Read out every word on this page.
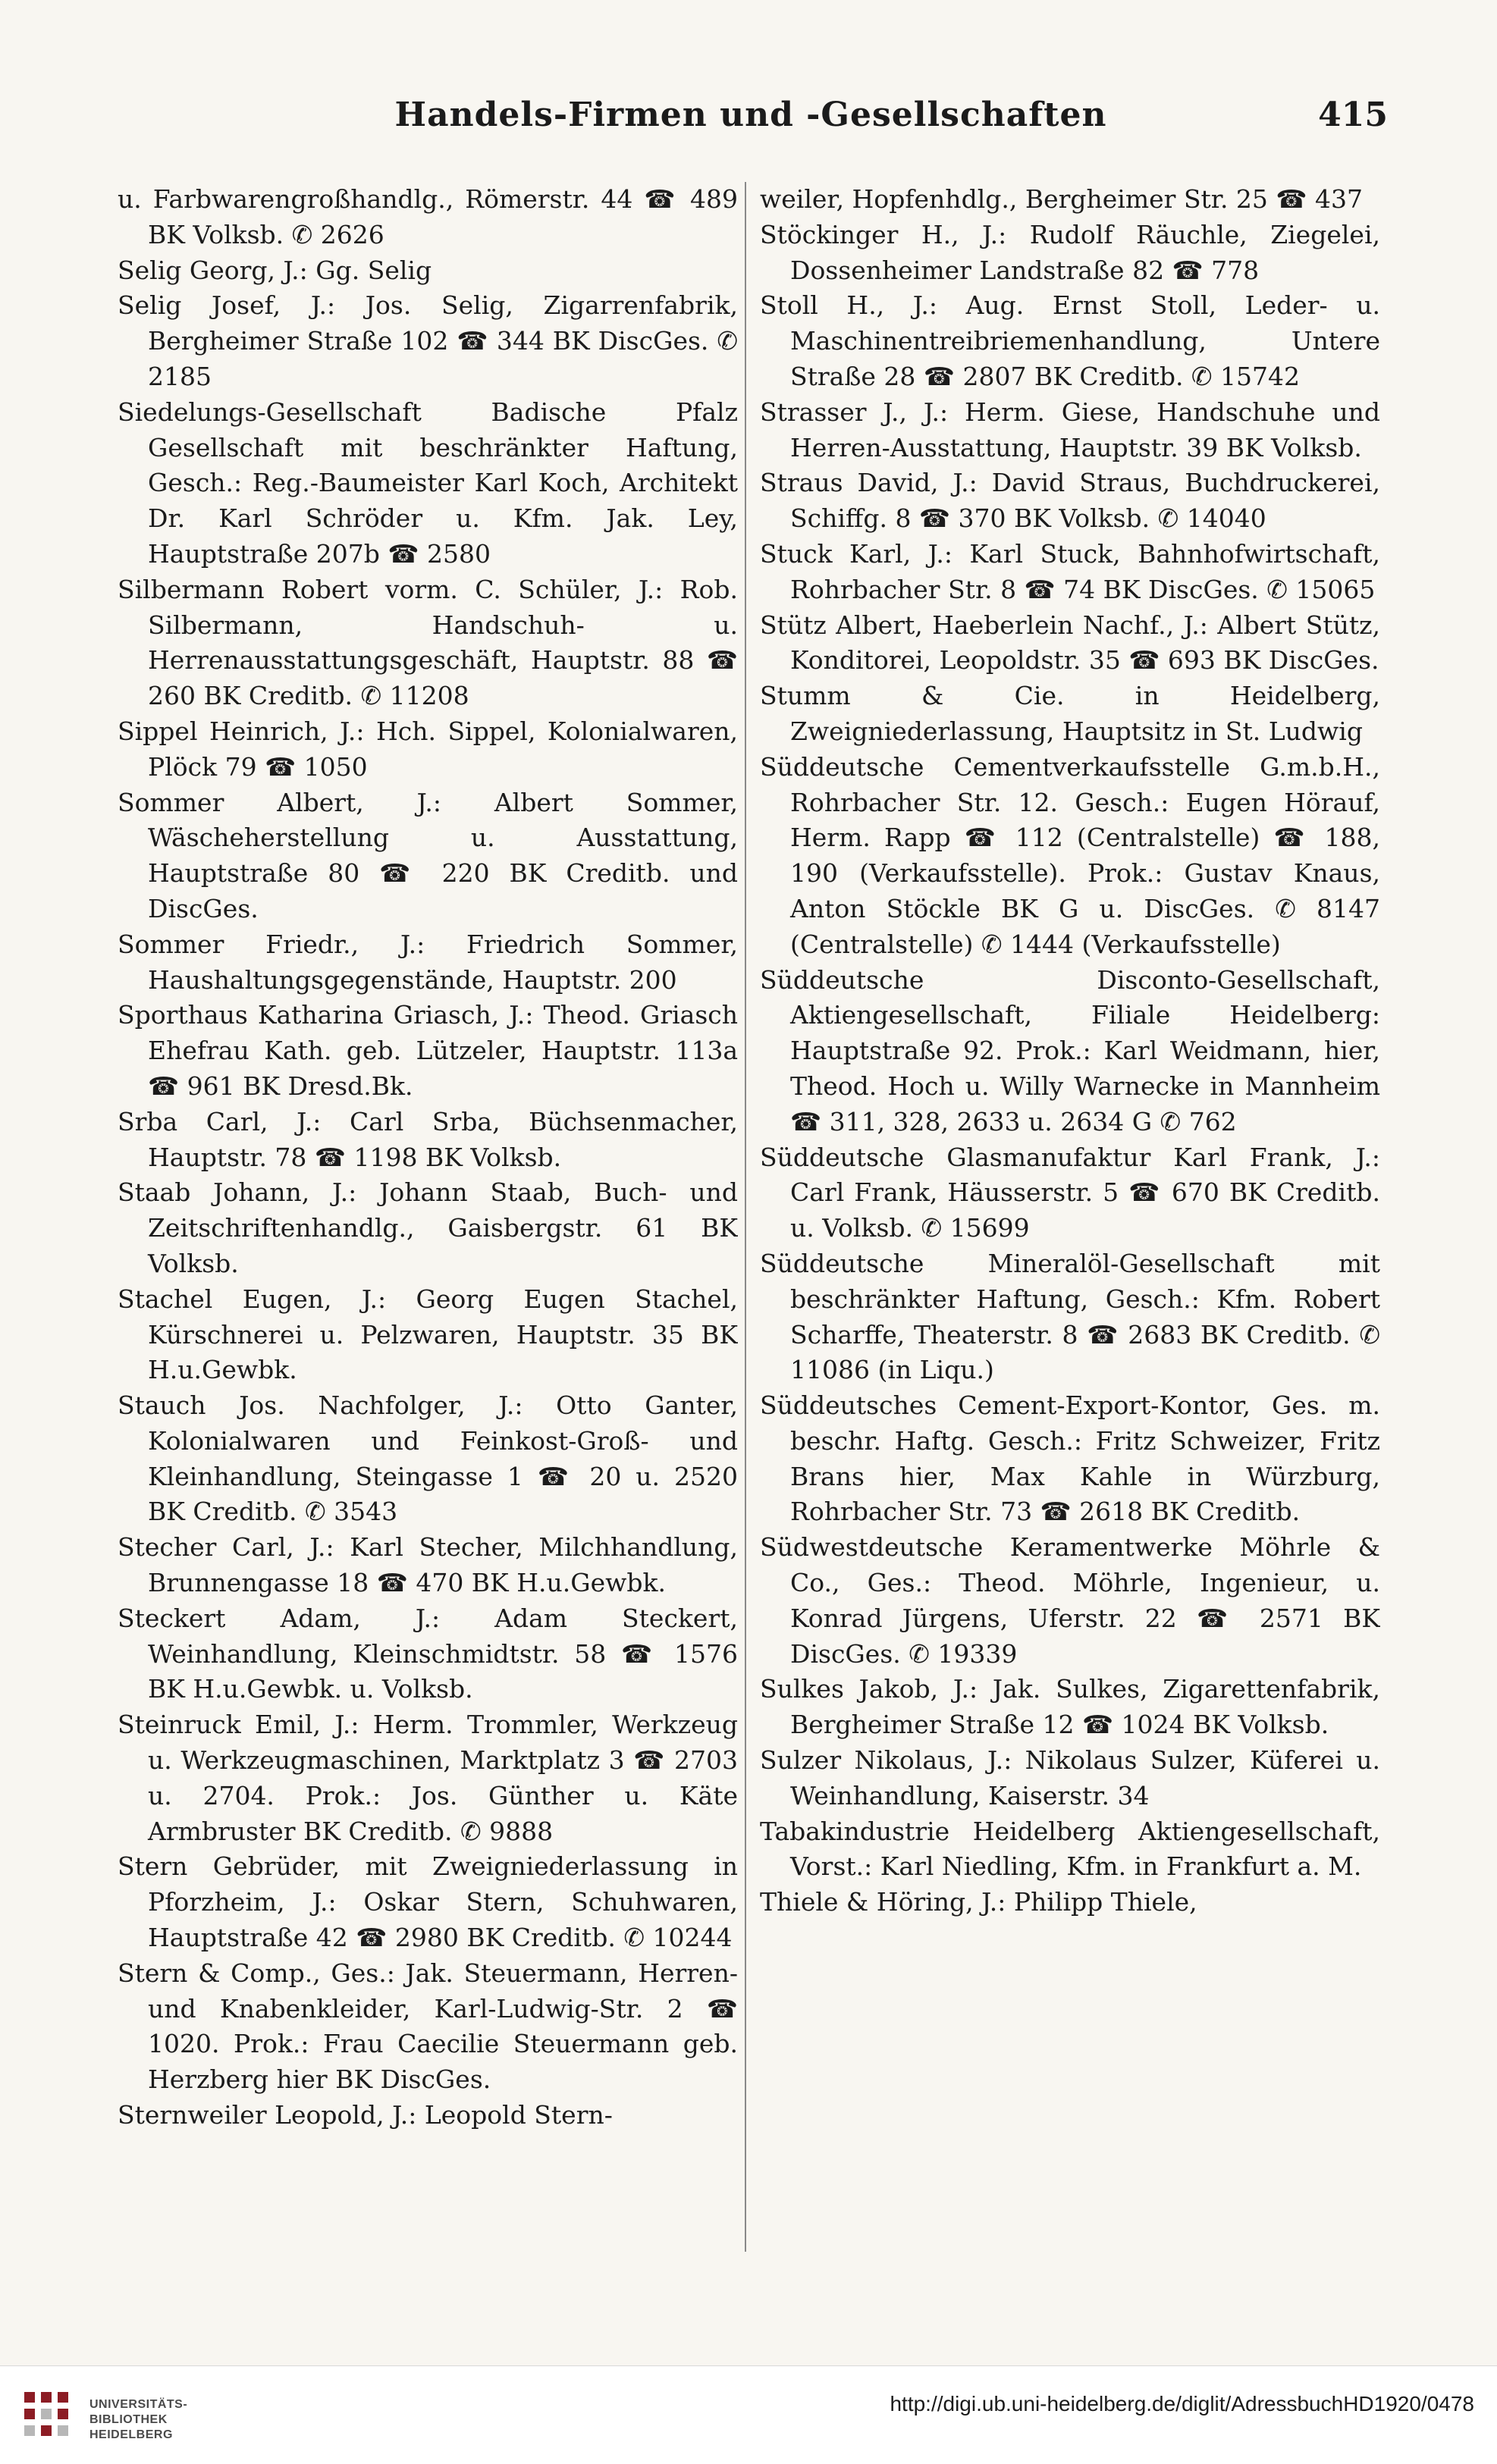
Handels-Firmen und -Gesellschaften	415

u. Farbwarengroßhandlg., Römerstr. 44 ☎ 489 BK Volksb. ✆ 2626

Selig Georg, J.: Gg. Selig

Selig Josef, J.: Jos. Selig, Zigarrenfabrik, Bergheimer Straße 102 ☎ 344 BK DiscGes. ✆ 2185

Siedelungs-Gesellschaft Badische Pfalz Gesellschaft mit beschränkter Haftung, Gesch.: Reg.-Baumeister Karl Koch, Architekt Dr. Karl Schröder u. Kfm. Jak. Ley, Hauptstraße 207b ☎ 2580

Silbermann Robert vorm. C. Schüler, J.: Rob. Silbermann, Handschuh- u. Herrenausstattungsgeschäft, Hauptstr. 88 ☎ 260 BK Creditb. ✆ 11208

Sippel Heinrich, J.: Hch. Sippel, Kolonialwaren, Plöck 79 ☎ 1050

Sommer Albert, J.: Albert Sommer, Wäscheherstellung u. Ausstattung, Hauptstraße 80 ☎ 220 BK Creditb. und DiscGes.

Sommer Friedr., J.: Friedrich Sommer, Haushaltungsgegenstände, Hauptstr. 200

Sporthaus Katharina Griasch, J.: Theod. Griasch Ehefrau Kath. geb. Lützeler, Hauptstr. 113a ☎ 961 BK Dresd.Bk.

Srba Carl, J.: Carl Srba, Büchsenmacher, Hauptstr. 78 ☎ 1198 BK Volksb.

Staab Johann, J.: Johann Staab, Buch- und Zeitschriftenhandlg., Gaisbergstr. 61 BK Volksb.

Stachel Eugen, J.: Georg Eugen Stachel, Kürschnerei u. Pelzwaren, Hauptstr. 35 BK H.u.Gewbk.

Stauch Jos. Nachfolger, J.: Otto Ganter, Kolonialwaren und Feinkost-Groß- und Kleinhandlung, Steingasse 1 ☎ 20 u. 2520 BK Creditb. ✆ 3543

Stecher Carl, J.: Karl Stecher, Milchhandlung, Brunnengasse 18 ☎ 470 BK H.u.Gewbk.

Steckert Adam, J.: Adam Steckert, Weinhandlung, Kleinschmidtstr. 58 ☎ 1576 BK H.u.Gewbk. u. Volksb.

Steinruck Emil, J.: Herm. Trommler, Werkzeug u. Werkzeugmaschinen, Marktplatz 3 ☎ 2703 u. 2704. Prok.: Jos. Günther u. Käte Armbruster BK Creditb. ✆ 9888

Stern Gebrüder, mit Zweigniederlassung in Pforzheim, J.: Oskar Stern, Schuhwaren, Hauptstraße 42 ☎ 2980 BK Creditb. ✆ 10244

Stern & Comp., Ges.: Jak. Steuermann, Herren- und Knabenkleider, Karl-Ludwig-Str. 2 ☎ 1020. Prok.: Frau Caecilie Steuermann geb. Herzberg hier BK DiscGes.

Sternweiler Leopold, J.: Leopold Stern-

weiler, Hopfenhdlg., Bergheimer Str. 25 ☎ 437

Stöckinger H., J.: Rudolf Räuchle, Ziegelei, Dossenheimer Landstraße 82 ☎ 778

Stoll H., J.: Aug. Ernst Stoll, Leder- u. Maschinentreibriemenhandlung, Untere Straße 28 ☎ 2807 BK Creditb. ✆ 15742

Strasser J., J.: Herm. Giese, Handschuhe und Herren-Ausstattung, Hauptstr. 39 BK Volksb.

Straus David, J.: David Straus, Buchdruckerei, Schiffg. 8 ☎ 370 BK Volksb. ✆ 14040

Stuck Karl, J.: Karl Stuck, Bahnhofwirtschaft, Rohrbacher Str. 8 ☎ 74 BK DiscGes. ✆ 15065

Stütz Albert, Haeberlein Nachf., J.: Albert Stütz, Konditorei, Leopoldstr. 35 ☎ 693 BK DiscGes.

Stumm & Cie. in Heidelberg, Zweigniederlassung, Hauptsitz in St. Ludwig

Süddeutsche Cementverkaufsstelle G.m.b.H., Rohrbacher Str. 12. Gesch.: Eugen Hörauf, Herm. Rapp ☎ 112 (Centralstelle) ☎ 188, 190 (Verkaufsstelle). Prok.: Gustav Knaus, Anton Stöckle BK G u. DiscGes. ✆ 8147 (Centralstelle) ✆ 1444 (Verkaufsstelle)

Süddeutsche Disconto-Gesellschaft, Aktiengesellschaft, Filiale Heidelberg: Hauptstraße 92. Prok.: Karl Weidmann, hier, Theod. Hoch u. Willy Warnecke in Mannheim ☎ 311, 328, 2633 u. 2634 G ✆ 762

Süddeutsche Glasmanufaktur Karl Frank, J.: Carl Frank, Häusserstr. 5 ☎ 670 BK Creditb. u. Volksb. ✆ 15699

Süddeutsche Mineralöl-Gesellschaft mit beschränkter Haftung, Gesch.: Kfm. Robert Scharffe, Theaterstr. 8 ☎ 2683 BK Creditb. ✆ 11086 (in Liqu.)

Süddeutsches Cement-Export-Kontor, Ges. m. beschr. Haftg. Gesch.: Fritz Schweizer, Fritz Brans hier, Max Kahle in Würzburg, Rohrbacher Str. 73 ☎ 2618 BK Creditb.

Südwestdeutsche Keramentwerke Möhrle & Co., Ges.: Theod. Möhrle, Ingenieur, u. Konrad Jürgens, Uferstr. 22 ☎ 2571 BK DiscGes. ✆ 19339

Sulkes Jakob, J.: Jak. Sulkes, Zigarettenfabrik, Bergheimer Straße 12 ☎ 1024 BK Volksb.

Sulzer Nikolaus, J.: Nikolaus Sulzer, Küferei u. Weinhandlung, Kaiserstr. 34

Tabakindustrie Heidelberg Aktiengesellschaft, Vorst.: Karl Niedling, Kfm. in Frankfurt a. M.

Thiele & Höring, J.: Philipp Thiele,

UNIVERSITÄTS-
BIBLIOTHEK
HEIDELBERG
http://digi.ub.uni-heidelberg.de/diglit/AdressbuchHD1920/0478
